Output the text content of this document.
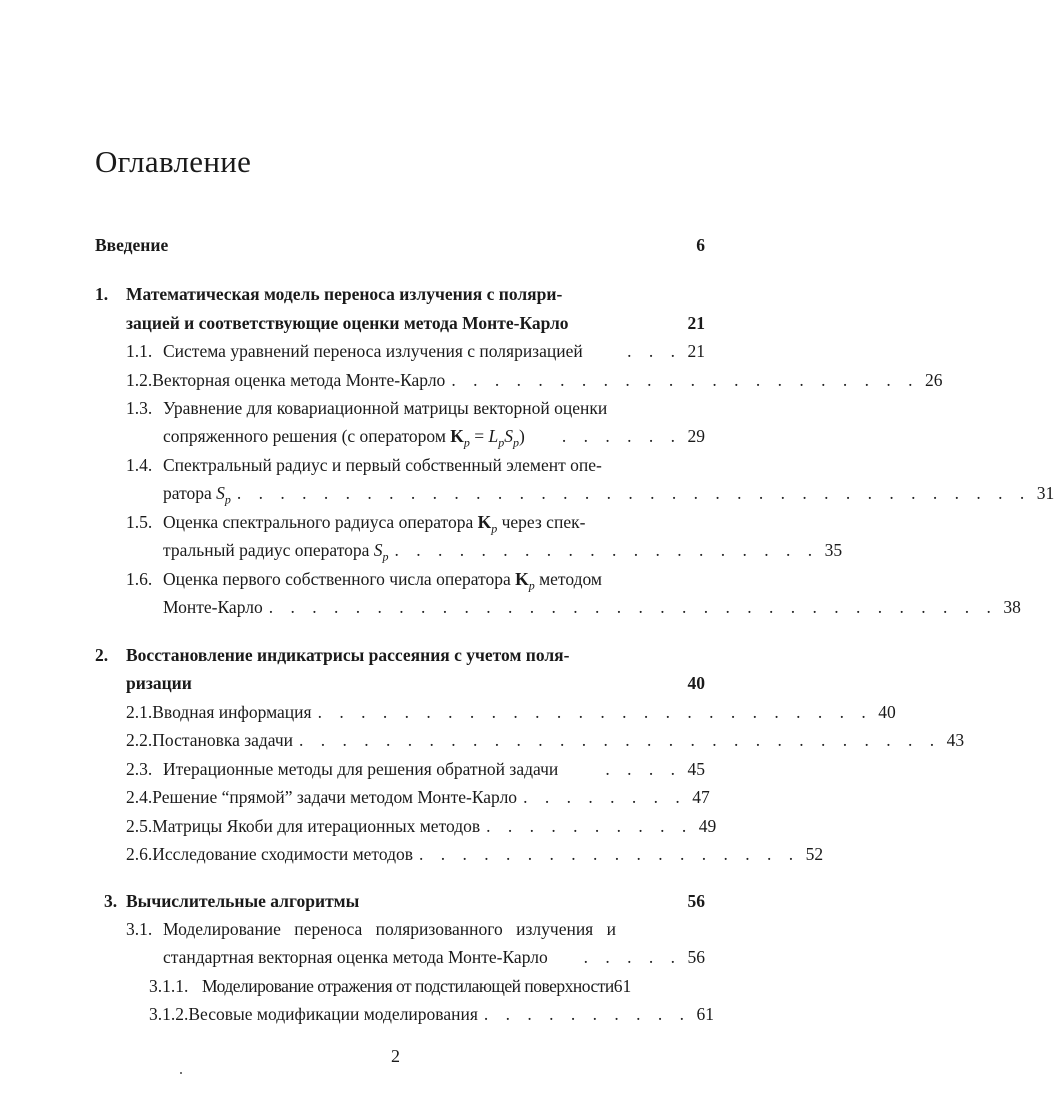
Оглавление
Введение	6
1.	Математическая модель переноса излучения с поляри-
зацией и соответствующие оценки метода Монте-Карло	21
1.1. Система уравнений переноса излучения с поляризацией	. . . 21
1.2. Векторная оценка метода Монте-Карло . . . . . . . . . . . . . . . . . . . . . . 26
1.3. Уравнение для ковариационной матрицы векторной оценки
сопряженного решения (с оператором $K_p = L_pS_p$)	. . . . . . 29
1.4. Спектральный радиус и первый собственный элемент опе-
ратора $S_p$ . . . . . . . . . . . . . . . . . . . . . . . . . . . . . . . . . . . . . 31
1.5. Оценка спектрального радиуса оператора $K_p$ через спек-
тральный радиус оператора $S_p$ . . . . . . . . . . . . . . . . . . . . 35
1.6. Оценка первого собственного числа оператора $K_p$ методом
Монте-Карло . . . . . . . . . . . . . . . . . . . . . . . . . . . . . . . . . . 38
2.	Восстановление индикатрисы рассеяния с учетом поля-
ризации	40
2.1. Вводная информация . . . . . . . . . . . . . . . . . . . . . . . . . . 40
2.2. Постановка задачи . . . . . . . . . . . . . . . . . . . . . . . . . . . . . . 43
2.3. Итерационные методы для решения обратной задачи	. . . . 45
2.4. Решение “прямой” задачи методом Монте-Карло . . . . . . . . 47
2.5. Матрицы Якоби для итерационных методов . . . . . . . . . . 49
2.6. Исследование сходимости методов . . . . . . . . . . . . . . . . . . 52
3. Вычислительные алгоритмы	56
3.1. Моделирование переноса поляризованного излучения и
стандартная векторная оценка метода Монте-Карло	. . . . . 56
3.1.1. Моделирование отражения от подстилающей поверхности 61
3.1.2. Весовые модификации моделирования . . . . . . . . . . 61
2
